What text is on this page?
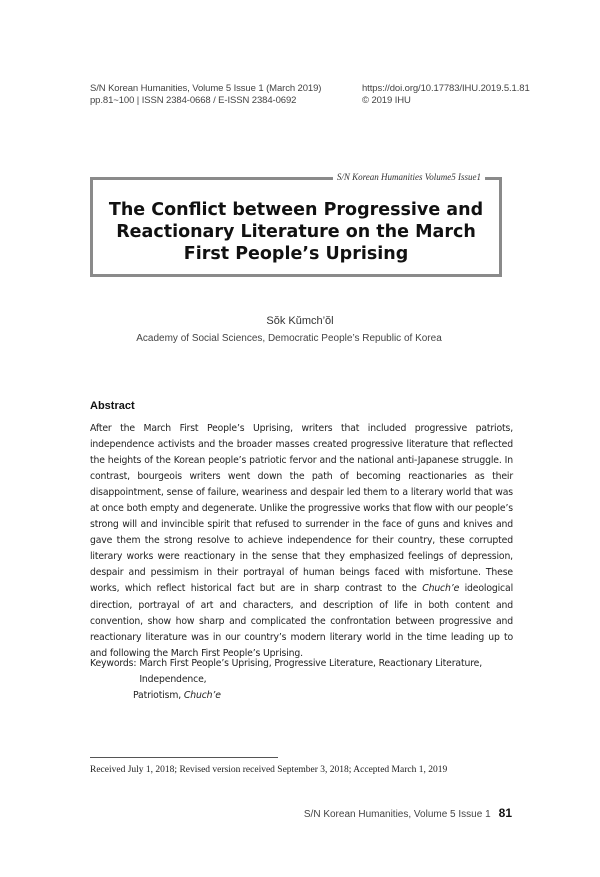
S/N Korean Humanities, Volume 5 Issue 1 (March 2019)
pp.81~100 | ISSN 2384-0668 / E-ISSN 2384-0692
https://doi.org/10.17783/IHU.2019.5.1.81
© 2019 IHU
S/N Korean Humanities Volume5 Issue1
The Conflict between Progressive and
Reactionary Literature on the March
First People’s Uprising
Sŏk Kŭmch’ŏl
Academy of Social Sciences, Democratic People’s Republic of Korea
Abstract

After the March First People’s Uprising, writers that included progressive patriots, independence activists and the broader masses created progressive literature that reflected the heights of the Korean people’s patriotic fervor and the national anti-Japanese struggle. In contrast, bourgeois writers went down the path of becoming reactionaries as their disappointment, sense of failure, weariness and despair led them to a literary world that was at once both empty and degenerate. Unlike the progressive works that flow with our people’s strong will and invincible spirit that refused to surrender in the face of guns and knives and gave them the strong resolve to achieve independence for their country, these corrupted literary works were reactionary in the sense that they emphasized feelings of depression, despair and pessimism in their portrayal of human beings faced with misfortune. These works, which reflect historical fact but are in sharp contrast to the Chuch’e ideological direction, portrayal of art and characters, and description of life in both content and convention, show how sharp and complicated the confrontation between progressive and reactionary literature was in our country’s modern literary world in the time leading up to and following the March First People’s Uprising.

Keywords: March First People’s Uprising, Progressive Literature, Reactionary Literature, Independence,
Patriotism, Chuch’e
Received July 1, 2018; Revised version received September 3, 2018; Accepted March 1, 2019
S/N Korean Humanities, Volume 5 Issue 1 81
